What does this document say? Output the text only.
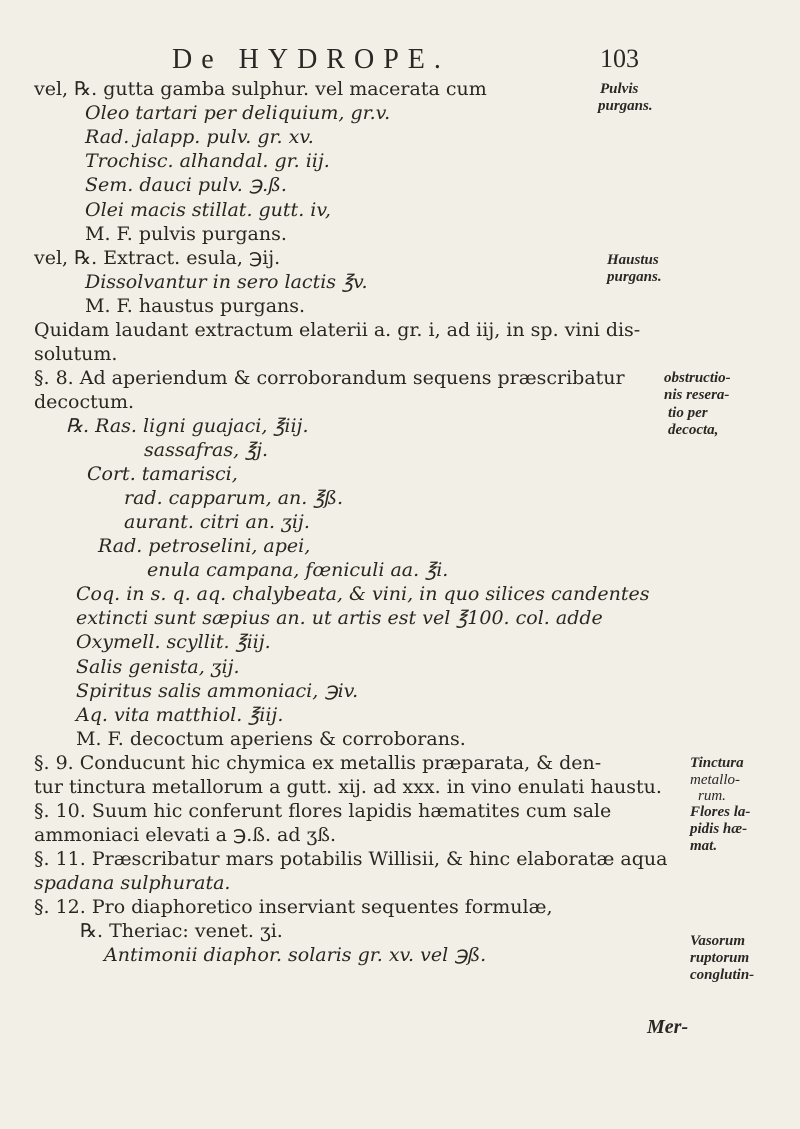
De HYDROPE.	103
vel, ℞. gutta gamba sulphur. vel macerata cum
Oleo tartari per deliquium, gr.v.
Rad. jalapp. pulv. gr. xv.
Trochisc. alhandal. gr. iij.
Sem. dauci pulv. ℈.ß.
Olei macis stillat. gutt. iv,
M. F. pulvis purgans.
vel, ℞. Extract. esula, ℈ij.
Dissolvantur in sero lactis ℥v.
M. F. haustus purgans.
Quidam laudant extractum elaterii a. gr. i, ad iij, in sp. vini dis-
solutum.
§. 8. Ad aperiendum & corroborandum sequens præscribatur
decoctum.
℞. Ras. ligni guajaci, ℥iij.
sassafras, ℥j.
Cort. tamarisci,
rad. capparum, an. ℥ß.
aurant. citri an. ʒij.
Rad. petroselini, apei,
enula campana, fœniculi aa. ℥i.
Coq. in s. q. aq. chalybeata, & vini, in quo silices candentes
extincti sunt sæpius an. ut artis est vel ℥100. col. adde
Oxymell. scyllit. ℥iij.
Salis genista, ʒij.
Spiritus salis ammoniaci, ℈iv.
Aq. vita matthiol. ℥iij.
M. F. decoctum aperiens & corroborans.
§. 9. Conducunt hic chymica ex metallis præparata, & den-
tur tinctura metallorum a gutt. xij. ad xxx. in vino enulati haustu.
§. 10. Suum hic conferunt flores lapidis hæmatites cum sale
ammoniaci elevati a ℈.ß. ad ʒß.
§. 11. Præscribatur mars potabilis Willisii, & hinc elaboratæ aqua
spadana sulphurata.
§. 12. Pro diaphoretico inserviant sequentes formulæ,
℞. Theriac: venet. ʒi.
Antimonii diaphor. solaris gr. xv. vel ℈ß.
Pulvis
purgans.
Haustus
purgans.
obstructio-
nis resera-
tio per
decocta,
Tinctura
metallo-
rum.
Flores la-
pidis hæ-
mat.
Vasorum
ruptorum
conglutin-
Mer-
